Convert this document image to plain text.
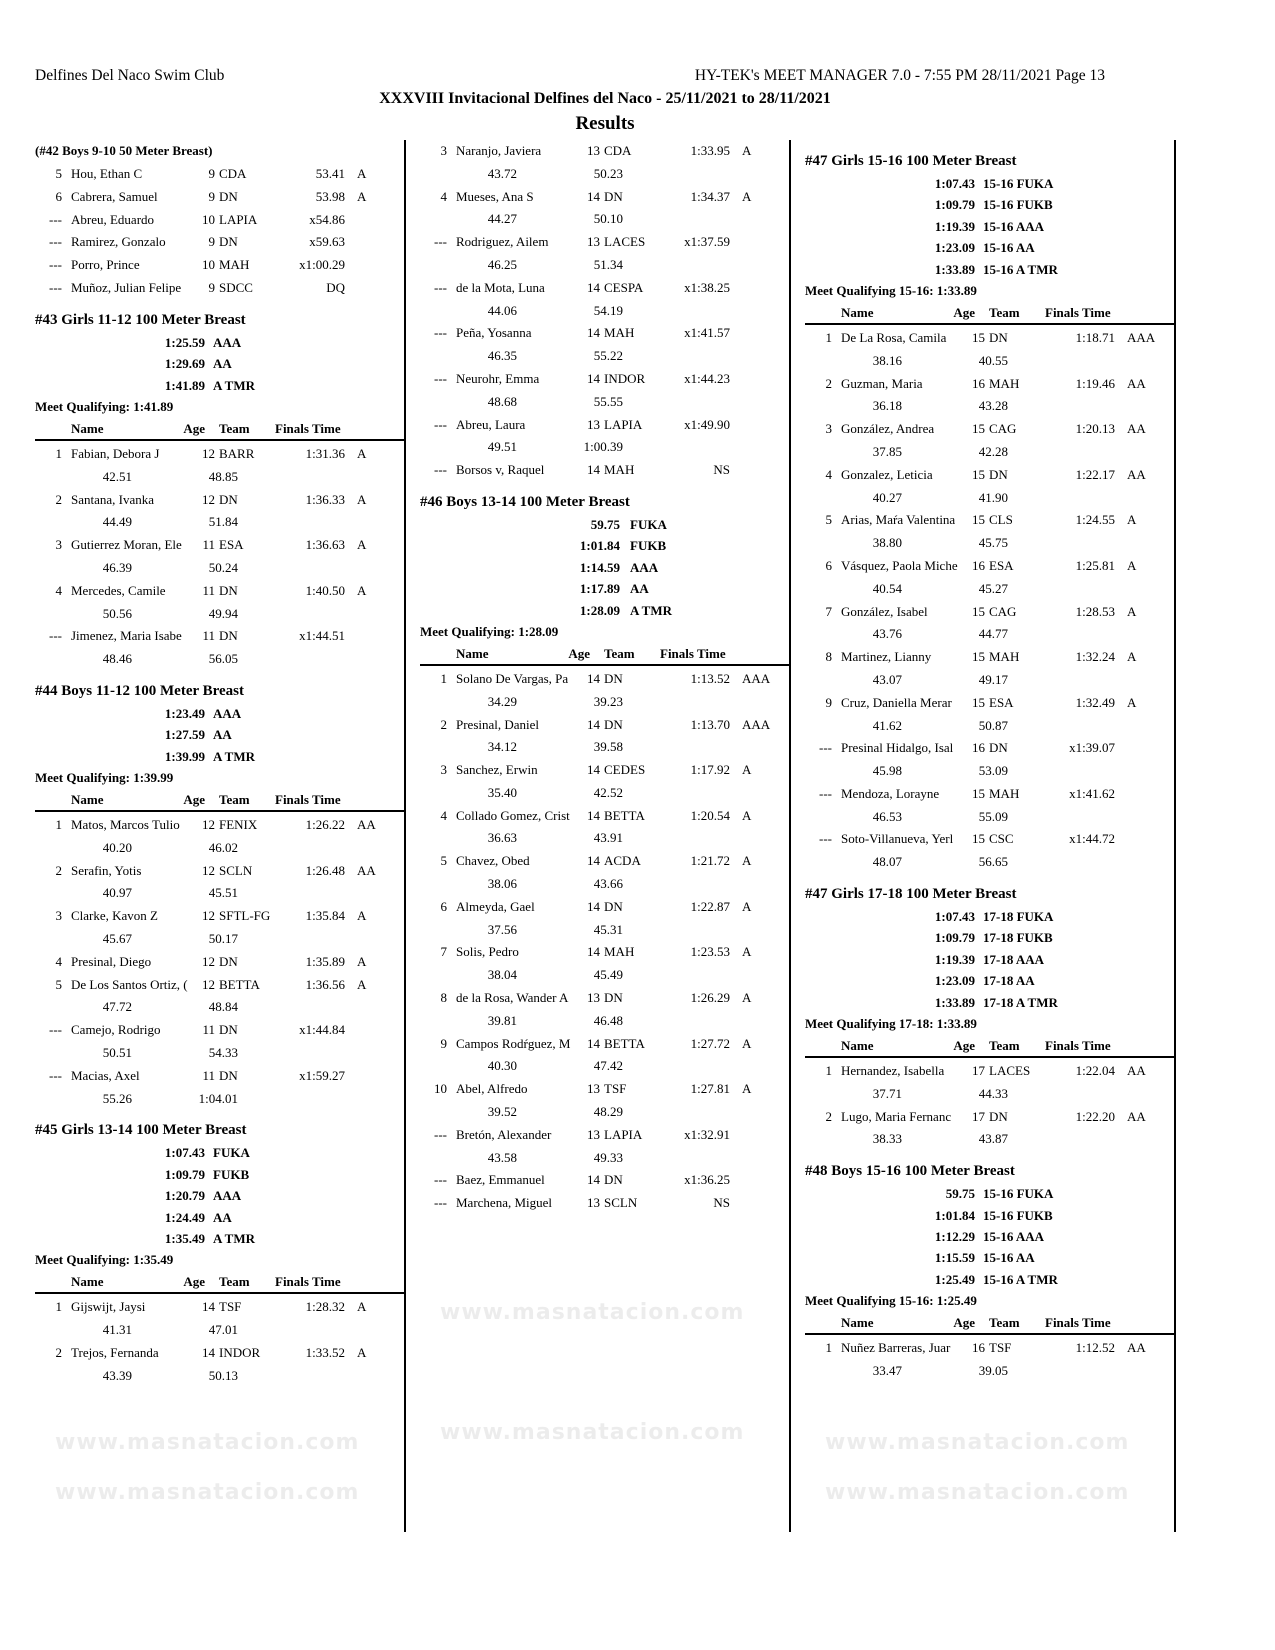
Delfines Del Naco Swim Club	HY-TEK's MEET MANAGER 7.0 - 7:55 PM 28/11/2021 Page 13
XXXVIII Invitacional Delfines del Naco - 25/11/2021 to 28/11/2021
Results
www.masnatacion.com
www.masnatacion.com
www.masnatacion.com
www.masnatacion.com	www.masnatacion.com
www.masnatacion.com
(#42 Boys 9-10 50 Meter Breast)
5 Hou, Ethan C	9 CDA	53.41 A
6 Cabrera, Samuel	9 DN	53.98 A
--- Abreu, Eduardo	10 LAPIA	x54.86
--- Ramirez, Gonzalo	9 DN	x59.63
--- Porro, Prince	10 MAH	x1:00.29
--- Muñoz, Julian Felipe	9 SDCC	DQ
#43 Girls 11-12 100 Meter Breast
1:25.59 AAA
1:29.69 AA
1:41.89 A TMR
Meet Qualifying: 1:41.89
Name	Age Team Finals Time
1 Fabian, Debora J	12 BARR	1:31.36 A
42.51	48.85
2 Santana, Ivanka	12 DN	1:36.33 A
44.49	51.84
3 Gutierrez Moran, Ele	11 ESA	1:36.63 A
46.39	50.24
4 Mercedes, Camile	11 DN	1:40.50 A
50.56	49.94
--- Jimenez, Maria Isabe	11 DN	x1:44.51
48.46	56.05
#44 Boys 11-12 100 Meter Breast
1:23.49 AAA
1:27.59 AA
1:39.99 A TMR
Meet Qualifying: 1:39.99
Name	Age Team Finals Time
1 Matos, Marcos Tulio	12 FENIX	1:26.22 AA
40.20	46.02
2 Serafin, Yotis	12 SCLN	1:26.48 AA
40.97	45.51
3 Clarke, Kavon Z	12 SFTL-FG	1:35.84 A
45.67	50.17
4 Presinal, Diego	12 DN	1:35.89 A
5 De Los Santos Ortiz, (	12 BETTA	1:36.56 A
47.72	48.84
--- Camejo, Rodrigo	11 DN	x1:44.84
50.51	54.33
--- Macias, Axel	11 DN	x1:59.27
55.26	1:04.01
#45 Girls 13-14 100 Meter Breast
1:07.43 FUKA
1:09.79 FUKB
1:20.79 AAA
1:24.49 AA
1:35.49 A TMR
Meet Qualifying: 1:35.49
Name	Age Team Finals Time
1 Gijswijt, Jaysi	14 TSF	1:28.32 A
41.31	47.01
2 Trejos, Fernanda	14 INDOR	1:33.52 A
43.39	50.13
3 Naranjo, Javiera	13 CDA	1:33.95 A
43.72	50.23
4 Mueses, Ana S	14 DN	1:34.37 A
44.27	50.10
--- Rodriguez, Ailem	13 LACES	x1:37.59
46.25	51.34
--- de la Mota, Luna	14 CESPA	x1:38.25
44.06	54.19
--- Peña, Yosanna	14 MAH	x1:41.57
46.35	55.22
--- Neurohr, Emma	14 INDOR	x1:44.23
48.68	55.55
--- Abreu, Laura	13 LAPIA	x1:49.90
49.51	1:00.39
--- Borsos v, Raquel	14 MAH	NS
#46 Boys 13-14 100 Meter Breast
59.75 FUKA
1:01.84 FUKB
1:14.59 AAA
1:17.89 AA
1:28.09 A TMR
Meet Qualifying: 1:28.09
Name	Age Team Finals Time
1 Solano De Vargas, Pa	14 DN	1:13.52 AAA
34.29	39.23
2 Presinal, Daniel	14 DN	1:13.70 AAA
34.12	39.58
3 Sanchez, Erwin	14 CEDES	1:17.92 A
35.40	42.52
4 Collado Gomez, Crist	14 BETTA	1:20.54 A
36.63	43.91
5 Chavez, Obed	14 ACDA	1:21.72 A
38.06	43.66
6 Almeyda, Gael	14 DN	1:22.87 A
37.56	45.31
7 Solis, Pedro	14 MAH	1:23.53 A
38.04	45.49
8 de la Rosa, Wander A	13 DN	1:26.29 A
39.81	46.48
9 Campos Rodŕguez, M	14 BETTA	1:27.72 A
40.30	47.42
10 Abel, Alfredo	13 TSF	1:27.81 A
39.52	48.29
--- Bretón, Alexander	13 LAPIA	x1:32.91
43.58	49.33
--- Baez, Emmanuel	14 DN	x1:36.25
--- Marchena, Miguel	13 SCLN	NS
#47 Girls 15-16 100 Meter Breast
1:07.43 15-16 FUKA
1:09.79 15-16 FUKB
1:19.39 15-16 AAA
1:23.09 15-16 AA
1:33.89 15-16 A TMR
Meet Qualifying 15-16: 1:33.89
Name	Age Team Finals Time
1 De La Rosa, Camila	15 DN	1:18.71 AAA
38.16	40.55
2 Guzman, Maria	16 MAH	1:19.46 AA
36.18	43.28
3 González, Andrea	15 CAG	1:20.13 AA
37.85	42.28
4 Gonzalez, Leticia	15 DN	1:22.17 AA
40.27	41.90
5 Arias, Maŕa Valentina	15 CLS	1:24.55 A
38.80	45.75
6 Vásquez, Paola Miche	16 ESA	1:25.81 A
40.54	45.27
7 González, Isabel	15 CAG	1:28.53 A
43.76	44.77
8 Martinez, Lianny	15 MAH	1:32.24 A
43.07	49.17
9 Cruz, Daniella Merar	15 ESA	1:32.49 A
41.62	50.87
--- Presinal Hidalgo, Isal	16 DN	x1:39.07
45.98	53.09
--- Mendoza, Lorayne	15 MAH	x1:41.62
46.53	55.09
--- Soto-Villanueva, Yerl	15 CSC	x1:44.72
48.07	56.65
#47 Girls 17-18 100 Meter Breast
1:07.43 17-18 FUKA
1:09.79 17-18 FUKB
1:19.39 17-18 AAA
1:23.09 17-18 AA
1:33.89 17-18 A TMR
Meet Qualifying 17-18: 1:33.89
Name	Age Team Finals Time
1 Hernandez, Isabella	17 LACES	1:22.04 AA
37.71	44.33
2 Lugo, Maria Fernanc	17 DN	1:22.20 AA
38.33	43.87
#48 Boys 15-16 100 Meter Breast
59.75 15-16 FUKA
1:01.84 15-16 FUKB
1:12.29 15-16 AAA
1:15.59 15-16 AA
1:25.49 15-16 A TMR
Meet Qualifying 15-16: 1:25.49
Name	Age Team Finals Time
1 Nuñez Barreras, Juar	16 TSF	1:12.52 AA
33.47	39.05
